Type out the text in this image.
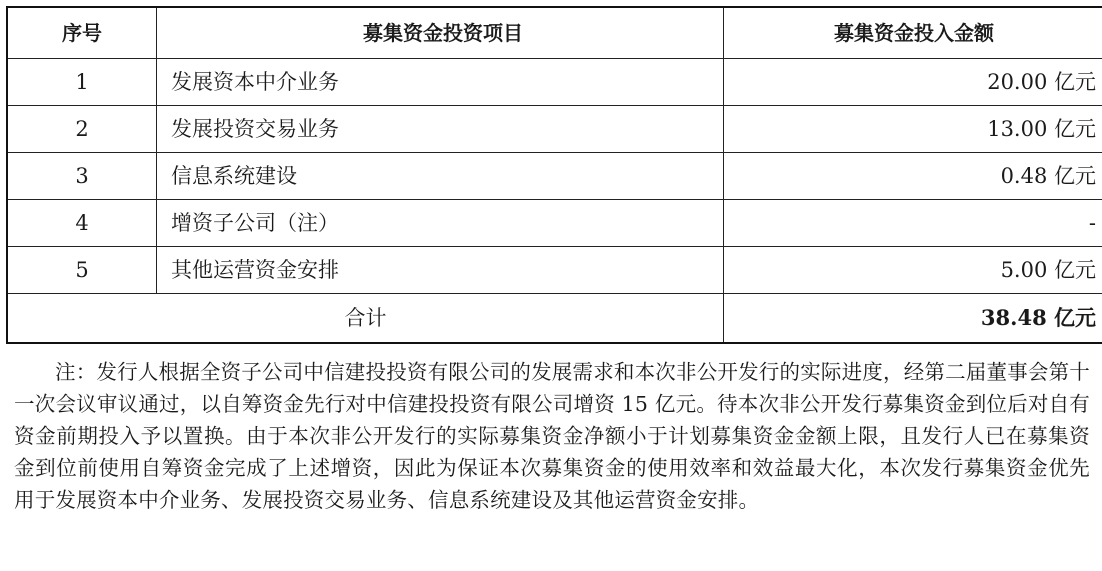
序号	募集资金投资项目	募集资金投入金额
1	发展资本中介业务	20.00 亿元
2	发展投资交易业务	13.00 亿元
3	信息系统建设	0.48 亿元
4	增资子公司（注）	-
5	其他运营资金安排	5.00 亿元
合计		38.48 亿元

注：发行人根据全资子公司中信建投投资有限公司的发展需求和本次非公开发行的实际进度，经第二届董事会第十一次会议审议通过，以自筹资金先行对中信建投投资有限公司增资 15 亿元。待本次非公开发行募集资金到位后对自有资金前期投入予以置换。由于本次非公开发行的实际募集资金净额小于计划募集资金金额上限，且发行人已在募集资金到位前使用自筹资金完成了上述增资，因此为保证本次募集资金的使用效率和效益最大化，本次发行募集资金优先用于发展资本中介业务、发展投资交易业务、信息系统建设及其他运营资金安排。
